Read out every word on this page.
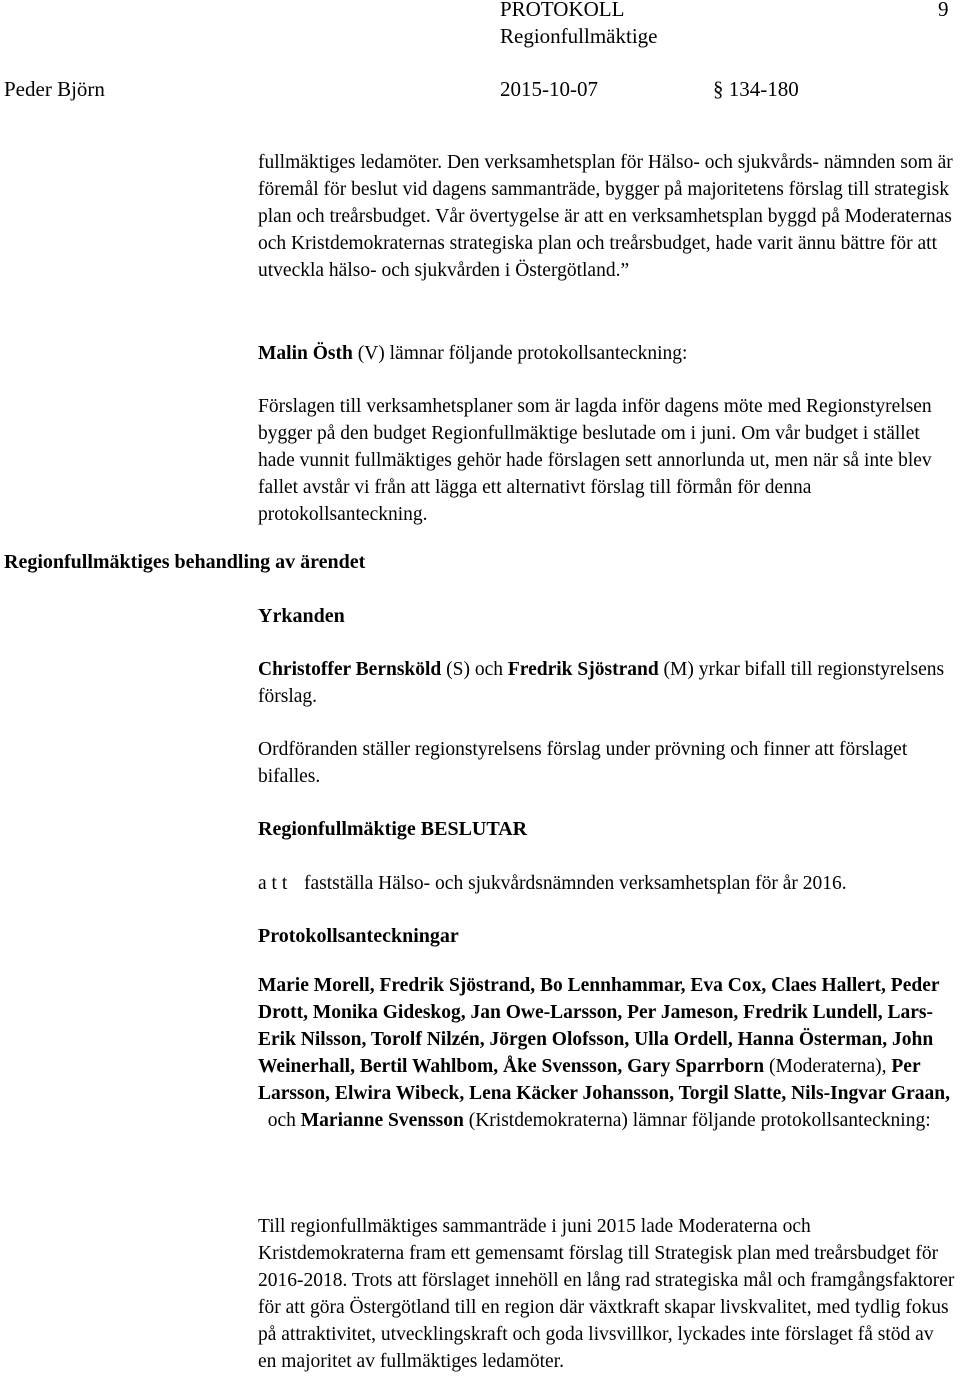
PROTOKOLL	9
Regionfullmäktige
Peder Björn	2015-10-07	§ 134-180

fullmäktiges ledamöter. Den verksamhetsplan för Hälso- och sjukvårds- nämnden som är föremål för beslut vid dagens sammanträde, bygger på majoritetens förslag till strategisk plan och treårsbudget. Vår övertygelse är att en verksamhetsplan byggd på Moderaternas och Kristdemokraternas strategiska plan och treårsbudget, hade varit ännu bättre för att utveckla hälso- och sjukvården i Östergötland.”

Malin Östh (V) lämnar följande protokollsanteckning:

Förslagen till verksamhetsplaner som är lagda inför dagens möte med Regionstyrelsen bygger på den budget Regionfullmäktige beslutade om i juni. Om vår budget i stället hade vunnit fullmäktiges gehör hade förslagen sett annorlunda ut, men när så inte blev fallet avstår vi från att lägga ett alternativt förslag till förmån för denna protokollsanteckning.

Regionfullmäktiges behandling av ärendet
Yrkanden

Christoffer Bernsköld (S) och Fredrik Sjöstrand (M) yrkar bifall till regionstyrelsens förslag.

Ordföranden ställer regionstyrelsens förslag under prövning och finner att förslaget bifalles.

Regionfullmäktige BESLUTAR
a t t fastställa Hälso- och sjukvårdsnämnden verksamhetsplan för år 2016.
Protokollsanteckningar

Marie Morell, Fredrik Sjöstrand, Bo Lennhammar, Eva Cox, Claes Hallert, Peder Drott, Monika Gideskog, Jan Owe-Larsson, Per Jameson, Fredrik Lundell, Lars-Erik Nilsson, Torolf Nilzén, Jörgen Olofsson, Ulla Ordell, Hanna Österman, John Weinerhall, Bertil Wahlbom, Åke Svensson, Gary Sparrborn (Moderaterna), Per Larsson, Elwira Wibeck, Lena Käcker Johansson, Torgil Slatte, Nils-Ingvar Graan,  och Marianne Svensson (Kristdemokraterna) lämnar följande protokollsanteckning:

Till regionfullmäktiges sammanträde i juni 2015 lade Moderaterna och Kristdemokraterna fram ett gemensamt förslag till Strategisk plan med treårsbudget för 2016-2018. Trots att förslaget innehöll en lång rad strategiska mål och framgångsfaktorer för att göra Östergötland till en region där växtkraft skapar livskvalitet, med tydlig fokus på attraktivitet, utvecklingskraft och goda livsvillkor, lyckades inte förslaget få stöd av en majoritet av fullmäktiges ledamöter.
